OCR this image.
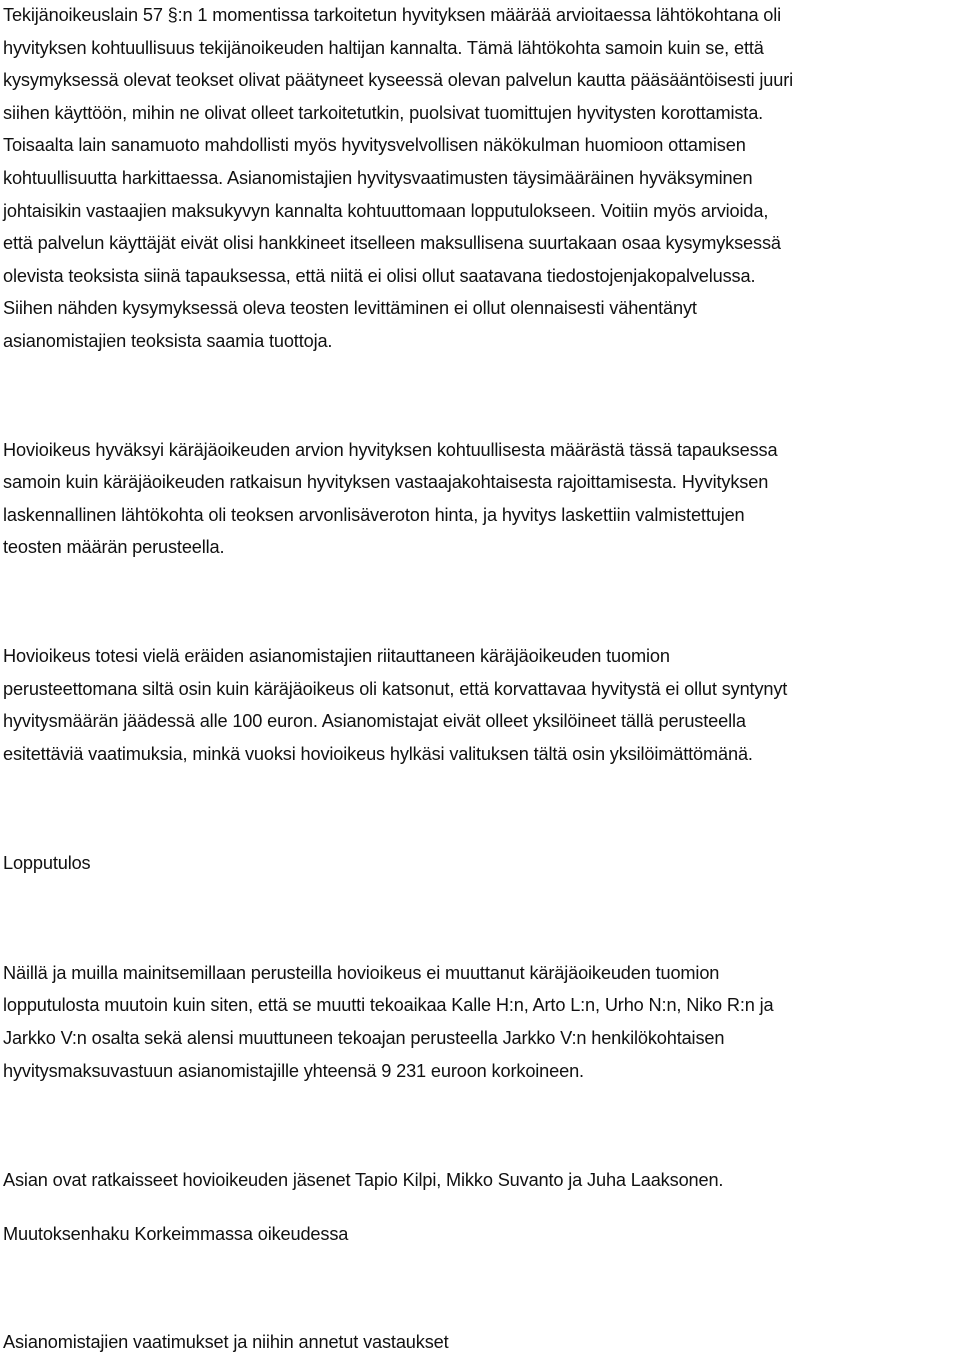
Tekijänoikeuslain 57 §:n 1 momentissa tarkoitetun hyvityksen määrää arvioitaessa lähtökohtana oli
hyvityksen kohtuullisuus tekijänoikeuden haltijan kannalta. Tämä lähtökohta samoin kuin se, että
kysymyksessä olevat teokset olivat päätyneet kyseessä olevan palvelun kautta pääsääntöisesti juuri
siihen käyttöön, mihin ne olivat olleet tarkoitetutkin, puolsivat tuomittujen hyvitysten korottamista.
Toisaalta lain sanamuoto mahdollisti myös hyvitysvelvollisen näkökulman huomioon ottamisen
kohtuullisuutta harkittaessa. Asianomistajien hyvitysvaatimusten täysimääräinen hyväksyminen
johtaisikin vastaajien maksukyvyn kannalta kohtuuttomaan lopputulokseen. Voitiin myös arvioida,
että palvelun käyttäjät eivät olisi hankkineet itselleen maksullisena suurtakaan osaa kysymyksessä
olevista teoksista siinä tapauksessa, että niitä ei olisi ollut saatavana tiedostojenjakopalvelussa.
Siihen nähden kysymyksessä oleva teosten levittäminen ei ollut olennaisesti vähentänyt
asianomistajien teoksista saamia tuottoja.
Hovioikeus hyväksyi käräjäoikeuden arvion hyvityksen kohtuullisesta määrästä tässä tapauksessa
samoin kuin käräjäoikeuden ratkaisun hyvityksen vastaajakohtaisesta rajoittamisesta. Hyvityksen
laskennallinen lähtökohta oli teoksen arvonlisäveroton hinta, ja hyvitys laskettiin valmistettujen
teosten määrän perusteella.
Hovioikeus totesi vielä eräiden asianomistajien riitauttaneen käräjäoikeuden tuomion
perusteettomana siltä osin kuin käräjäoikeus oli katsonut, että korvattavaa hyvitystä ei ollut syntynyt
hyvitysmäärän jäädessä alle 100 euron. Asianomistajat eivät olleet yksilöineet tällä perusteella
esitettäviä vaatimuksia, minkä vuoksi hovioikeus hylkäsi valituksen tältä osin yksilöimättömänä.
Lopputulos
Näillä ja muilla mainitsemillaan perusteilla hovioikeus ei muuttanut käräjäoikeuden tuomion
lopputulosta muutoin kuin siten, että se muutti tekoaikaa Kalle H:n, Arto L:n, Urho N:n, Niko R:n ja
Jarkko V:n osalta sekä alensi muuttuneen tekoajan perusteella Jarkko V:n henkilökohtaisen
hyvitysmaksuvastuun asianomistajille yhteensä 9 231 euroon korkoineen.
Asian ovat ratkaisseet hovioikeuden jäsenet Tapio Kilpi, Mikko Suvanto ja Juha Laaksonen.
Muutoksenhaku Korkeimmassa oikeudessa
Asianomistajien vaatimukset ja niihin annetut vastaukset
